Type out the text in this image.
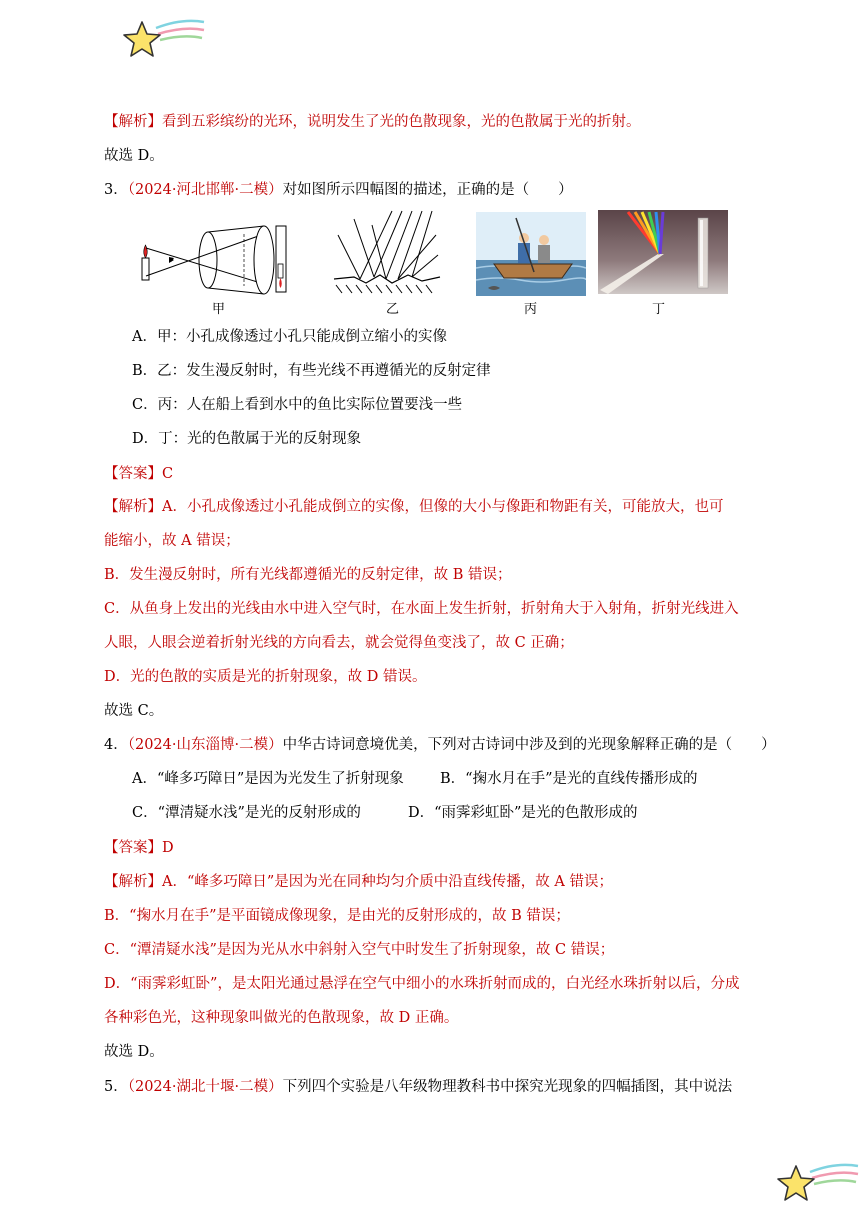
【解析】看到五彩缤纷的光环，说明发生了光的色散现象，光的色散属于光的折射。
故选 D。
3．（2024·河北邯郸·二模）对如图所示四幅图的描述，正确的是（　　）
甲	乙	丙	丁
A．甲：小孔成像透过小孔只能成倒立缩小的实像
B．乙：发生漫反射时，有些光线不再遵循光的反射定律
C．丙：人在船上看到水中的鱼比实际位置要浅一些
D．丁：光的色散属于光的反射现象
【答案】C
【解析】A．小孔成像透过小孔能成倒立的实像，但像的大小与像距和物距有关，可能放大，也可
能缩小，故 A 错误；
B．发生漫反射时，所有光线都遵循光的反射定律，故 B 错误；
C．从鱼身上发出的光线由水中进入空气时，在水面上发生折射，折射角大于入射角，折射光线进入
人眼，人眼会逆着折射光线的方向看去，就会觉得鱼变浅了，故 C 正确；
D．光的色散的实质是光的折射现象，故 D 错误。
故选 C。
4．（2024·山东淄博·二模）中华古诗词意境优美，下列对古诗词中涉及到的光现象解释正确的是（　　）
A．“峰多巧障日”是因为光发生了折射现象 B．“掬水月在手”是光的直线传播形成的
C．“潭清疑水浅”是光的反射形成的	D．“雨霁彩虹卧”是光的色散形成的
【答案】D
【解析】A．“峰多巧障日”是因为光在同种均匀介质中沿直线传播，故 A 错误；
B．“掬水月在手”是平面镜成像现象，是由光的反射形成的，故 B 错误；
C．“潭清疑水浅”是因为光从水中斜射入空气中时发生了折射现象，故 C 错误；
D．“雨霁彩虹卧”，是太阳光通过悬浮在空气中细小的水珠折射而成的，白光经水珠折射以后，分成
各种彩色光，这种现象叫做光的色散现象，故 D 正确。
故选 D。
5．（2024·湖北十堰·二模）下列四个实验是八年级物理教科书中探究光现象的四幅插图，其中说法
